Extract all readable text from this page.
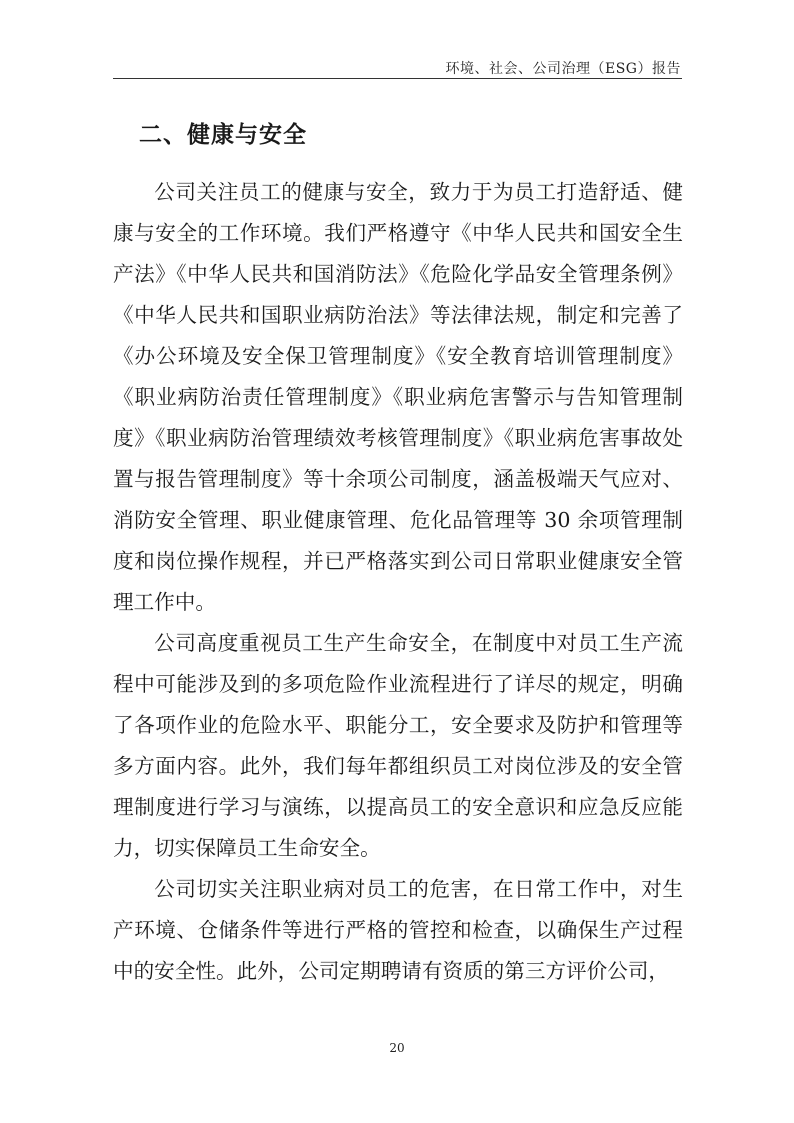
环境、社会、公司治理（ESG）报告
二、健康与安全

公司关注员工的健康与安全，致力于为员工打造舒适、健康与安全的工作环境。我们严格遵守《中华人民共和国安全生产法》《中华人民共和国消防法》《危险化学品安全管理条例》《中华人民共和国职业病防治法》等法律法规，制定和完善了《办公环境及安全保卫管理制度》《安全教育培训管理制度》《职业病防治责任管理制度》《职业病危害警示与告知管理制度》《职业病防治管理绩效考核管理制度》《职业病危害事故处置与报告管理制度》等十余项公司制度，涵盖极端天气应对、消防安全管理、职业健康管理、危化品管理等 30 余项管理制度和岗位操作规程，并已严格落实到公司日常职业健康安全管理工作中。

公司高度重视员工生产生命安全，在制度中对员工生产流程中可能涉及到的多项危险作业流程进行了详尽的规定，明确了各项作业的危险水平、职能分工，安全要求及防护和管理等多方面内容。此外，我们每年都组织员工对岗位涉及的安全管理制度进行学习与演练，以提高员工的安全意识和应急反应能力，切实保障员工生命安全。

公司切实关注职业病对员工的危害，在日常工作中，对生产环境、仓储条件等进行严格的管控和检查，以确保生产过程中的安全性。此外，公司定期聘请有资质的第三方评价公司，

20
